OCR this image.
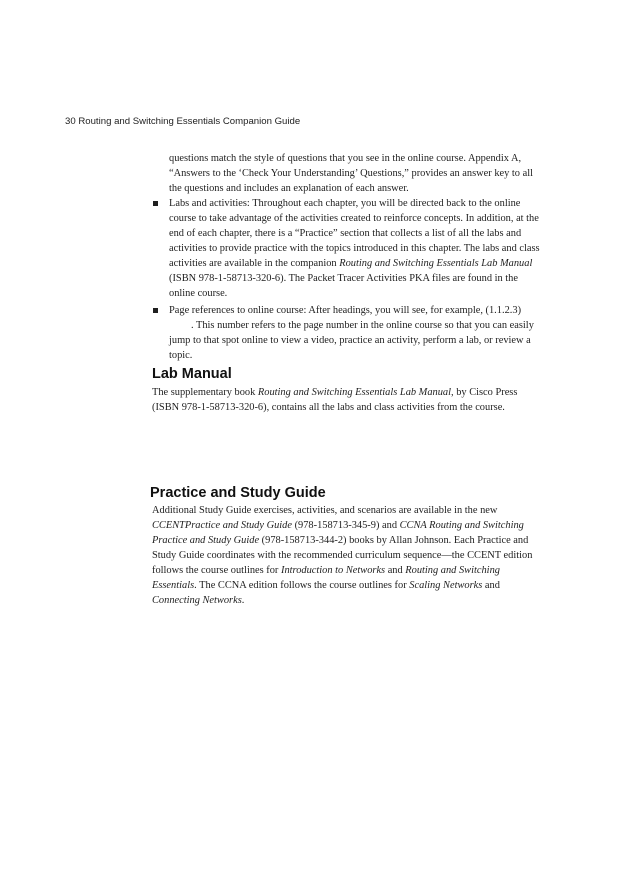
30 Routing and Switching Essentials Companion Guide

questions match the style of questions that you see in the online course. Appendix A, “Answers to the ‘Check Your Understanding’ Questions,” provides an answer key to all the questions and includes an explanation of each answer.

Labs and activities: Throughout each chapter, you will be directed back to the online course to take advantage of the activities created to reinforce concepts. In addition, at the end of each chapter, there is a “Practice” section that collects a list of all the labs and activities to provide practice with the topics introduced in this chapter. The labs and class activities are available in the companion Routing and Switching Essentials Lab Manual (ISBN 978-1-58713-320-6). The Packet Tracer Activities PKA files are found in the online course.
Page references to online course: After headings, you will see, for example, (1.1.2.3). This number refers to the page number in the online course so that you can easily jump to that spot online to view a video, practice an activity, perform a lab, or review a topic.
Lab Manual

The supplementary book Routing and Switching Essentials Lab Manual, by Cisco Press (ISBN 978-1-58713-320-6), contains all the labs and class activities from the course.

Practice and Study Guide

Additional Study Guide exercises, activities, and scenarios are available in the new CCENTPractice and Study Guide (978-158713-345-9) and CCNA Routing and Switching Practice and Study Guide (978-158713-344-2) books by Allan Johnson. Each Practice and Study Guide coordinates with the recommended curriculum sequence—the CCENT edition follows the course outlines for Introduction to Networks and Routing and Switching Essentials. The CCNA edition follows the course outlines for Scaling Networks and Connecting Networks.
